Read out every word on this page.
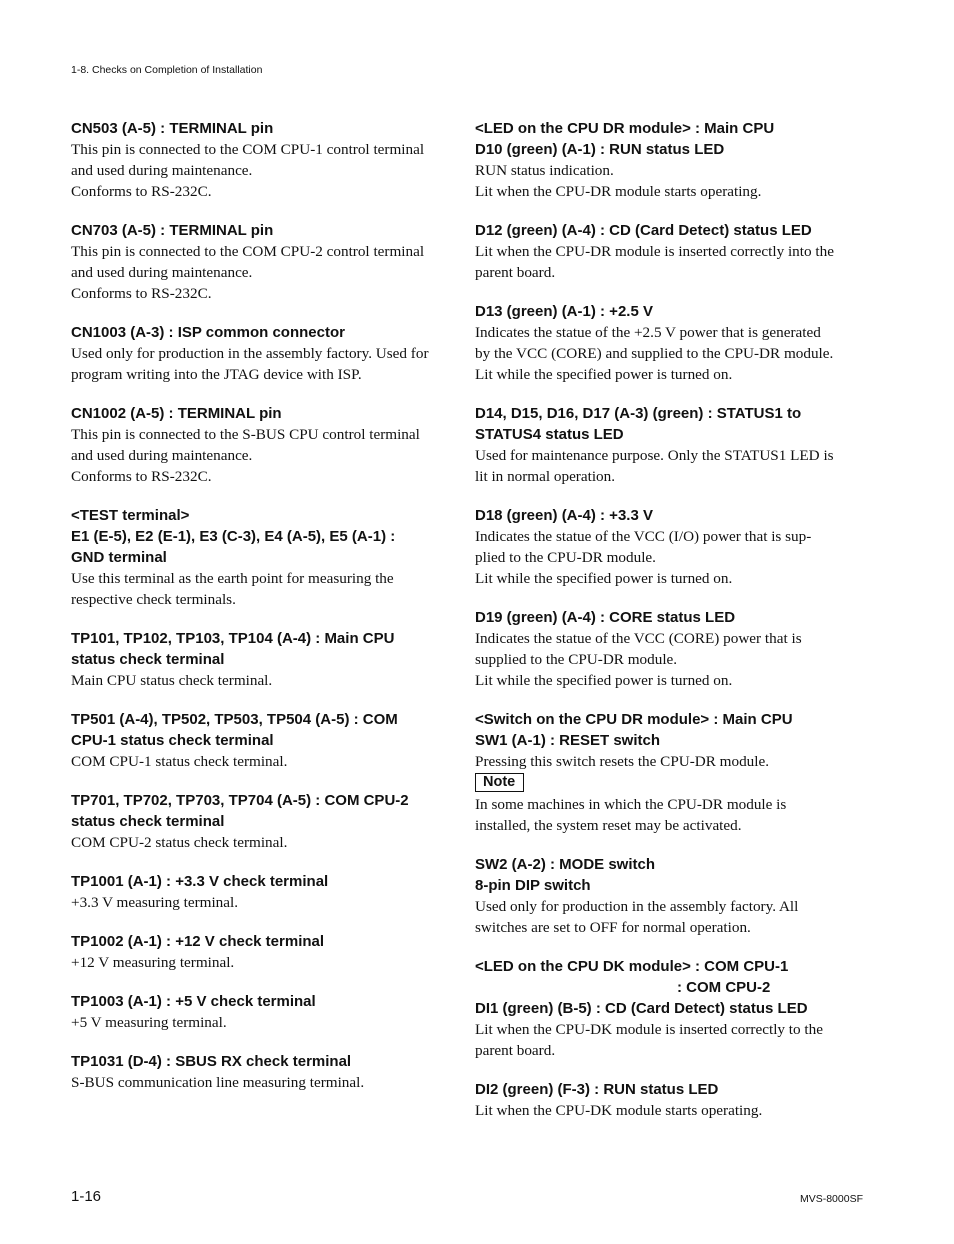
1-8. Checks on Completion of Installation

CN503 (A-5) : TERMINAL pin

This pin is connected to the COM CPU-1 control terminal

and used during maintenance.

Conforms to RS-232C.

CN703 (A-5) : TERMINAL pin

This pin is connected to the COM CPU-2 control terminal

and used during maintenance.

Conforms to RS-232C.

CN1003 (A-3) : ISP common connector

Used only for production in the assembly factory. Used for

program writing into the JTAG device with ISP.

CN1002 (A-5) : TERMINAL pin

This pin is connected to the S-BUS CPU control terminal

and used during maintenance.

Conforms to RS-232C.

<TEST terminal>

E1 (E-5), E2 (E-1), E3 (C-3), E4 (A-5), E5 (A-1) :

GND terminal

Use this terminal as the earth point for measuring the

respective check terminals.

TP101, TP102, TP103, TP104 (A-4) : Main CPU

status check terminal

Main CPU status check terminal.

TP501 (A-4), TP502, TP503, TP504 (A-5) : COM

CPU-1 status check terminal

COM CPU-1 status check terminal.

TP701, TP702, TP703, TP704 (A-5) : COM CPU-2

status check terminal

COM CPU-2 status check terminal.

TP1001 (A-1) : +3.3 V check terminal

+3.3 V measuring terminal.

TP1002 (A-1) : +12 V check terminal

+12 V measuring terminal.

TP1003 (A-1) : +5 V check terminal

+5 V measuring terminal.

TP1031 (D-4) : SBUS RX check terminal

S-BUS communication line measuring terminal.

<LED on the CPU DR module> : Main CPU

D10 (green) (A-1) : RUN status LED

RUN status indication.

Lit when the CPU-DR module starts operating.

D12 (green) (A-4) : CD (Card Detect) status LED

Lit when the CPU-DR module is inserted correctly into the

parent board.

D13 (green) (A-1) : +2.5 V

Indicates the statue of the +2.5 V power that is generated

by the VCC (CORE) and supplied to the CPU-DR module.

Lit while the specified power is turned on.

D14, D15, D16, D17 (A-3) (green) : STATUS1 to

STATUS4 status LED

Used for maintenance purpose. Only the STATUS1 LED is

lit in normal operation.

D18 (green) (A-4) : +3.3 V

Indicates the statue of the VCC (I/O) power that is sup-

plied to the CPU-DR module.

Lit while the specified power is turned on.

D19 (green) (A-4) : CORE status LED

Indicates the statue of the VCC (CORE) power that is

supplied to the CPU-DR module.

Lit while the specified power is turned on.

<Switch on the CPU DR module> : Main CPU

SW1 (A-1) : RESET switch

Pressing this switch resets the CPU-DR module.

Note

In some machines in which the CPU-DR module is

installed, the system reset may be activated.

SW2 (A-2) : MODE switch

8-pin DIP switch

Used only for production in the assembly factory. All

switches are set to OFF for normal operation.

<LED on the CPU DK module> : COM CPU-1

: COM CPU-2

DI1 (green) (B-5) : CD (Card Detect) status LED

Lit when the CPU-DK module is inserted correctly to the

parent board.

DI2 (green) (F-3) : RUN status LED

Lit when the CPU-DK module starts operating.

1-16	MVS-8000SF
